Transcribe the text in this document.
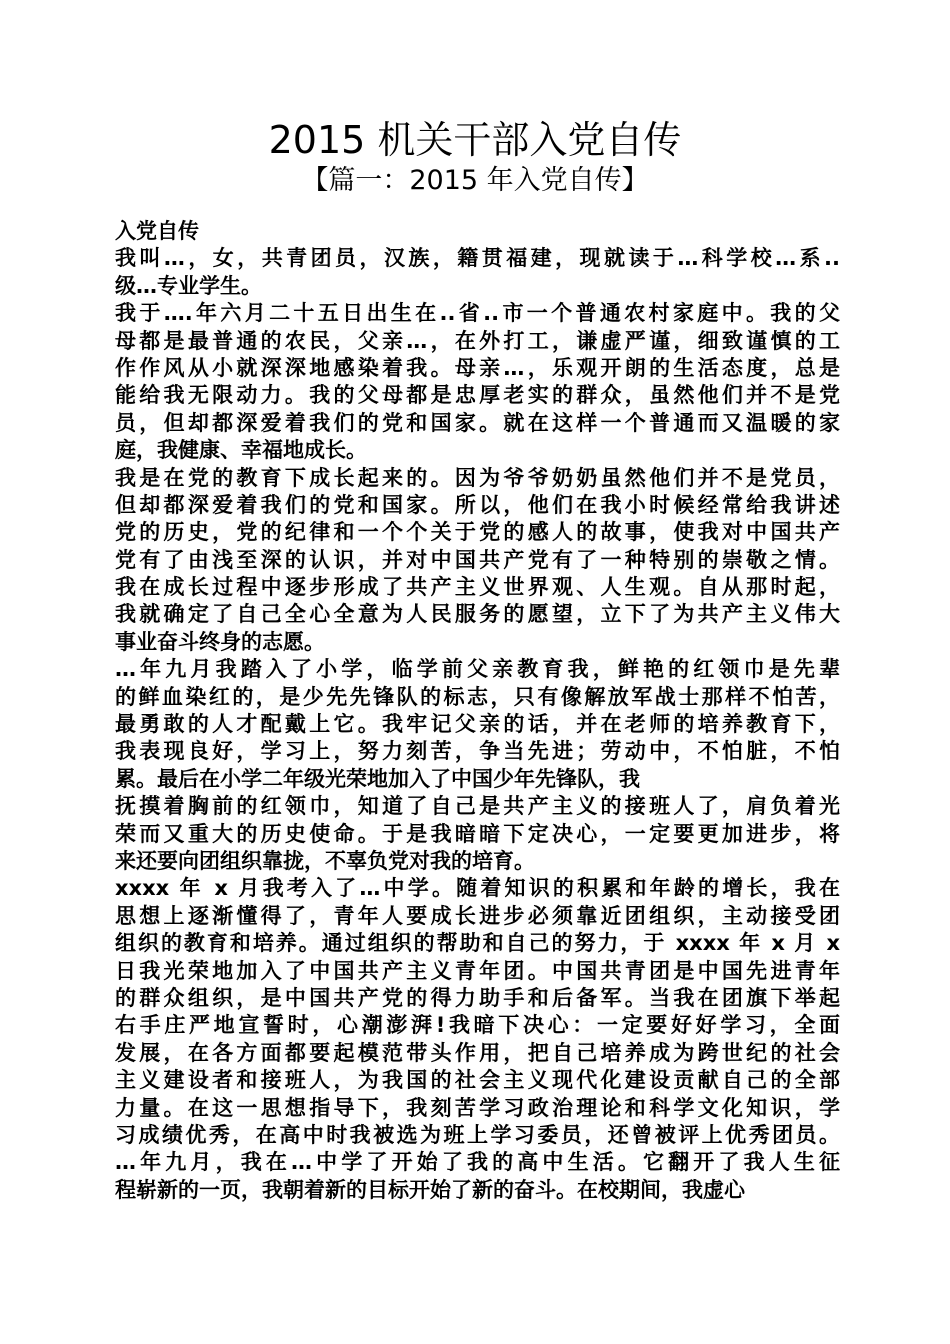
2015 机关干部入党自传
【篇一：2015 年入党自传】
入党自传
我叫…，女，共青团员，汉族，籍贯福建，现就读于…科学校…系..
级…专业学生。
我于….年六月二十五日出生在..省..市一个普通农村家庭中。我的父
母都是最普通的农民，父亲…，在外打工，谦虚严谨，细致谨慎的工
作作风从小就深深地感染着我。母亲…，乐观开朗的生活态度，总是
能给我无限动力。我的父母都是忠厚老实的群众，虽然他们并不是党
员，但却都深爱着我们的党和国家。就在这样一个普通而又温暖的家
庭，我健康、幸福地成长。
我是在党的教育下成长起来的。因为爷爷奶奶虽然他们并不是党员，
但却都深爱着我们的党和国家。所以，他们在我小时候经常给我讲述
党的历史，党的纪律和一个个关于党的感人的故事，使我对中国共产
党有了由浅至深的认识，并对中国共产党有了一种特别的崇敬之情。
我在成长过程中逐步形成了共产主义世界观、人生观。自从那时起，
我就确定了自己全心全意为人民服务的愿望，立下了为共产主义伟大
事业奋斗终身的志愿。
…年九月我踏入了小学，临学前父亲教育我，鲜艳的红领巾是先辈
的鲜血染红的，是少先先锋队的标志，只有像解放军战士那样不怕苦，
最勇敢的人才配戴上它。我牢记父亲的话，并在老师的培养教育下，
我表现良好，学习上，努力刻苦，争当先进；劳动中，不怕脏，不怕
累。最后在小学二年级光荣地加入了中国少年先锋队，我
抚摸着胸前的红领巾，知道了自己是共产主义的接班人了，肩负着光
荣而又重大的历史使命。于是我暗暗下定决心，一定要更加进步，将
来还要向团组织靠拢，不辜负党对我的培育。
xxxx 年 x 月我考入了…中学。随着知识的积累和年龄的增长，我在
思想上逐渐懂得了，青年人要成长进步必须靠近团组织，主动接受团
组织的教育和培养。通过组织的帮助和自己的努力，于 xxxx 年 x 月 x
日我光荣地加入了中国共产主义青年团。中国共青团是中国先进青年
的群众组织，是中国共产党的得力助手和后备军。当我在团旗下举起
右手庄严地宣誓时，心潮澎湃!我暗下决心：一定要好好学习，全面
发展，在各方面都要起模范带头作用，把自己培养成为跨世纪的社会
主义建设者和接班人，为我国的社会主义现代化建设贡献自己的全部
力量。在这一思想指导下，我刻苦学习政治理论和科学文化知识，学
习成绩优秀，在高中时我被选为班上学习委员，还曾被评上优秀团员。
…年九月，我在…中学了开始了我的高中生活。它翻开了我人生征
程崭新的一页，我朝着新的目标开始了新的奋斗。在校期间，我虚心
